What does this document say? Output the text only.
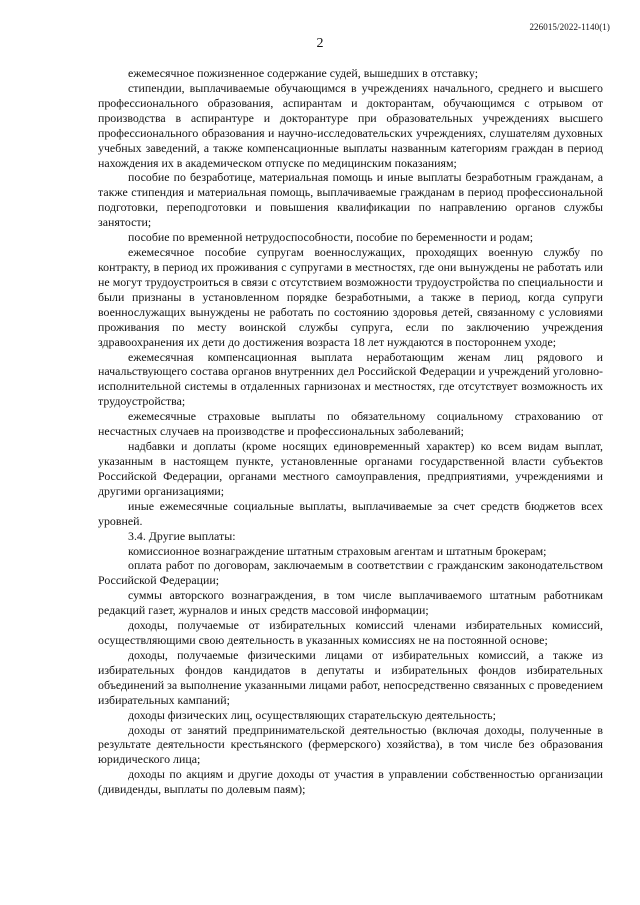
226015/2022-1140(1)
2

ежемесячное пожизненное содержание судей, вышедших в отставку;

стипендии, выплачиваемые обучающимся в учреждениях начального, среднего и высшего профессионального образования, аспирантам и докторантам, обучающимся с отрывом от производства в аспирантуре и докторантуре при образовательных учреждениях высшего профессионального образования и научно-исследовательских учреждениях, слушателям духовных учебных заведений, а также компенсационные выплаты названным категориям граждан в период нахождения их в академическом отпуске по медицинским показаниям;

пособие по безработице, материальная помощь и иные выплаты безработным гражданам, а также стипендия и материальная помощь, выплачиваемые гражданам в период профессиональной подготовки, переподготовки и повышения квалификации по направлению органов службы занятости;

пособие по временной нетрудоспособности, пособие по беременности и родам;

ежемесячное пособие супругам военнослужащих, проходящих военную службу по контракту, в период их проживания с супругами в местностях, где они вынуждены не работать или не могут трудоустроиться в связи с отсутствием возможности трудоустройства по специальности и были признаны в установленном порядке безработными, а также в период, когда супруги военнослужащих вынуждены не работать по состоянию здоровья детей, связанному с условиями проживания по месту воинской службы супруга, если по заключению учреждения здравоохранения их дети до достижения возраста 18 лет нуждаются в постороннем уходе;

ежемесячная компенсационная выплата неработающим женам лиц рядового и начальствующего состава органов внутренних дел Российской Федерации и учреждений уголовно-исполнительной системы в отдаленных гарнизонах и местностях, где отсутствует возможность их трудоустройства;

ежемесячные страховые выплаты по обязательному социальному страхованию от несчастных случаев на производстве и профессиональных заболеваний;

надбавки и доплаты (кроме носящих единовременный характер) ко всем видам выплат, указанным в настоящем пункте, установленные органами государственной власти субъектов Российской Федерации, органами местного самоуправления, предприятиями, учреждениями и другими организациями;

иные ежемесячные социальные выплаты, выплачиваемые за счет средств бюджетов всех уровней.

3.4. Другие выплаты:

комиссионное вознаграждение штатным страховым агентам и штатным брокерам;

оплата работ по договорам, заключаемым в соответствии с гражданским законодательством Российской Федерации;

суммы авторского вознаграждения, в том числе выплачиваемого штатным работникам редакций газет, журналов и иных средств массовой информации;

доходы, получаемые от избирательных комиссий членами избирательных комиссий, осуществляющими свою деятельность в указанных комиссиях не на постоянной основе;

доходы, получаемые физическими лицами от избирательных комиссий, а также из избирательных фондов кандидатов в депутаты и избирательных фондов избирательных объединений за выполнение указанными лицами работ, непосредственно связанных с проведением избирательных кампаний;

доходы физических лиц, осуществляющих старательскую деятельность;

доходы от занятий предпринимательской деятельностью (включая доходы, полученные в результате деятельности крестьянского (фермерского) хозяйства), в том числе без образования юридического лица;

доходы по акциям и другие доходы от участия в управлении собственностью организации (дивиденды, выплаты по долевым паям);
